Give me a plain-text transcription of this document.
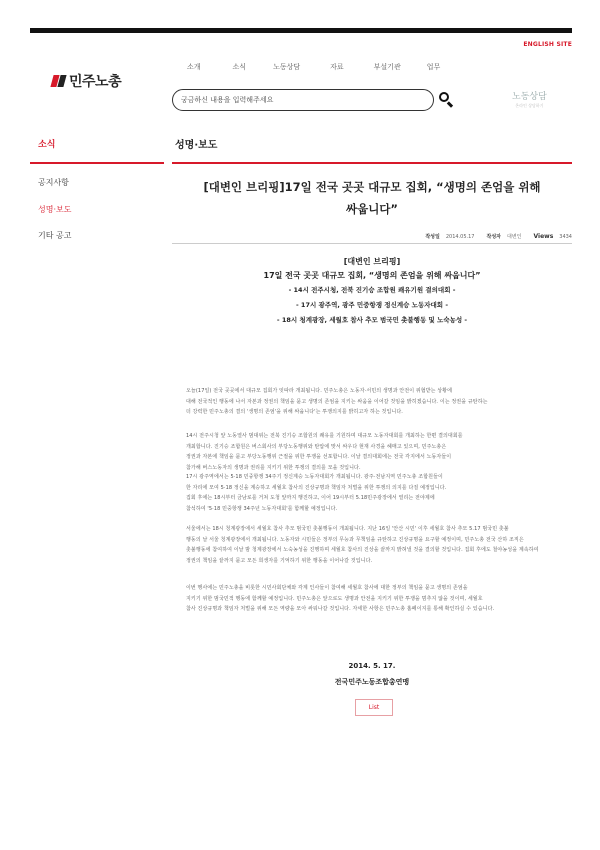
ENGLISH SITE
민주노총
소개	소식	노동상담	자료	부설기관	업무
궁금하신 내용을 입력해주세요	노동상담
온라인 상담하기
소식
공지사항
성명·보도
기타 공고
성명·보도
[대변인 브리핑]17일 전국 곳곳 대규모 집회, “생명의 존엄을 위해
싸웁니다”
작성일 2014.05.17 작성자 대변인 Views 3434
[대변인 브리핑]
17일 전국 곳곳 대규모 집회, “생명의 존엄을 위해 싸웁니다”
- 14시 전주시청, 전북 진기승 조합원 쾌유기원 결의대회 -
- 17시 광주역, 광주 민중항쟁 정신계승 노동자대회 -
- 18시 청계광장, 세월호 참사 추모 범국민 촛불행동 및 노숙농성 -
오늘(17일) 전국 곳곳에서 대규모 집회가 잇따라 개최됩니다. 민주노총은 노동자·서민의 생명과 안전이 위협받는 상황에
대해 전국적인 행동에 나서 자본과 정권의 책임을 묻고 생명의 존엄을 지키는 싸움을 이어갈 것임을 밝히겠습니다. 이는 정권을 규탄하는
더 강력한 민주노총의 결의 '생명의 존엄'을 위해 싸웁니다'는 투쟁의지를 밝히고자 하는 것입니다.
14시 전주시청 앞 노동열사 범대위는 전북 진기승 조합원의 쾌유를 기원하며 대규모 노동자대회를 개최하는 한편 결의대회를
개최합니다. 진기승 조합원은 버스회사의 부당노동행위와 탄압에 맞서 싸우다 현재 사경을 헤매고 있으며, 민주노총은
정권과 자본에 책임을 묻고 부당노동행위 근절을 위한 투쟁을 선포합니다. 이날 결의대회에는 전국 각지에서 노동자들이
참가해 버스노동자의 생명과 권리를 지키기 위한 투쟁의 결의를 모을 것입니다.
17시 광주역에서는 5·18 민중항쟁 34주기 정신계승 노동자대회가 개최됩니다. 광주·전남지역 민주노총 조합원들이
한 자리에 모여 5·18 정신을 계승하고 세월호 참사의 진상규명과 책임자 처벌을 위한 투쟁의 의지를 다질 예정입니다.
집회 후에는 18시부터 금남로를 거쳐 도청 앞까지 행진하고, 이어 19시부터 5.18민주광장에서 열리는 전야제에
참석하여 '5·18 민중항쟁 34주년 노동자대회'를 함께할 예정입니다.
서울에서는 18시 청계광장에서 세월호 참사 추모 범국민 촛불행동이 개최됩니다. 지난 16일 '안산 시민' 이후 세월호 참사 추모 5.17 범국민 촛불
행동의 날 서울 청계광장에서 개최됩니다. 노동자와 시민들은 정부의 무능과 무책임을 규탄하고 진상규명을 요구할 예정이며, 민주노총 전국 산하 조직은
촛불행동에 참여하여 이날 밤 청계광장에서 노숙농성을 진행하며 세월호 참사의 진상을 끝까지 밝혀낼 것을 결의할 것입니다. 집회 후에도 철야농성을 계속하여
정권의 책임을 끝까지 묻고 모든 희생자를 기억하기 위한 행동을 이어나갈 것입니다.
이번 행사에는 민주노총을 비롯한 시민사회단체와 각계 인사들이 참여해 세월호 참사에 대한 정부의 책임을 묻고 생명의 존엄을
지키기 위한 범국민적 행동에 함께할 예정입니다. 민주노총은 앞으로도 생명과 안전을 지키기 위한 투쟁을 멈추지 않을 것이며, 세월호
참사 진상규명과 책임자 처벌을 위해 모든 역량을 모아 싸워나갈 것입니다. 자세한 사항은 민주노총 홈페이지를 통해 확인하실 수 있습니다.
2014. 5. 17.
전국민주노동조합총연맹
List
